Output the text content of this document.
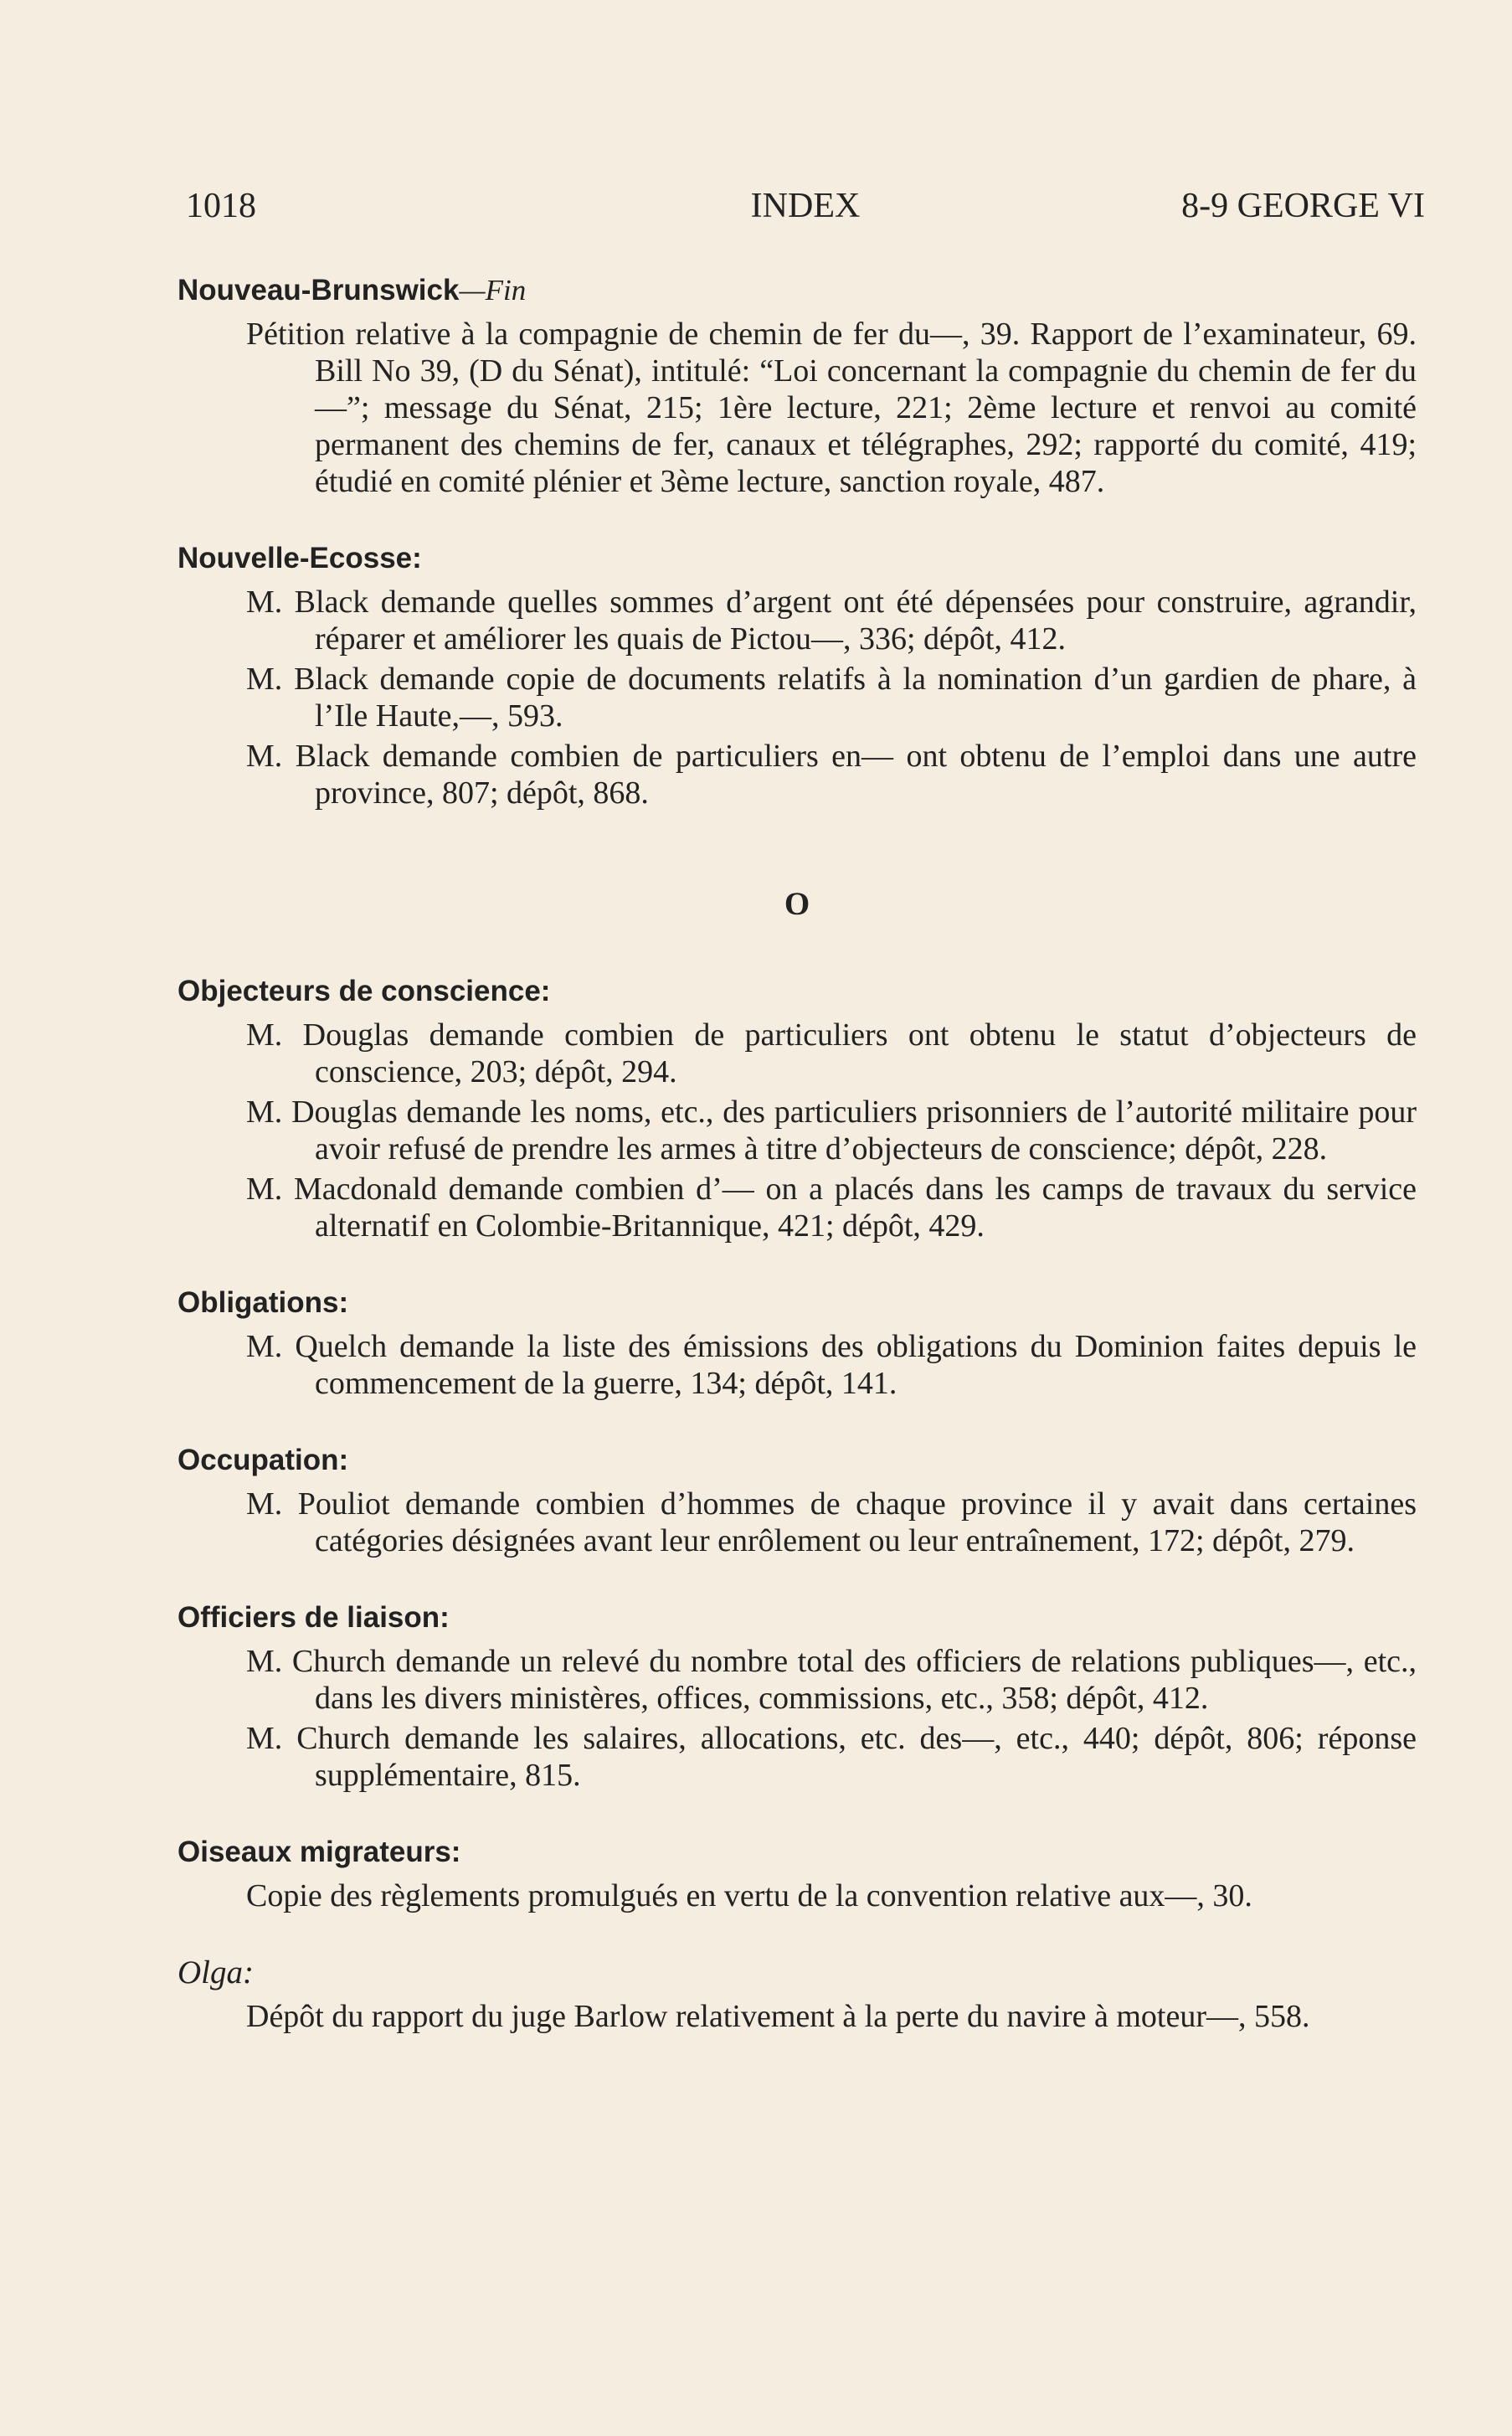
1018	INDEX	8-9 GEORGE VI
Nouveau-Brunswick—Fin

Pétition relative à la compagnie de chemin de fer du—, 39. Rapport de l’examinateur, 69. Bill No 39, (D du Sénat), intitulé: “Loi concernant la compagnie du chemin de fer du—”; message du Sénat, 215; 1ère lecture, 221; 2ème lecture et renvoi au comité permanent des chemins de fer, canaux et télégraphes, 292; rapporté du comité, 419; étudié en comité plénier et 3ème lecture, sanction royale, 487.

Nouvelle-Ecosse:

M. Black demande quelles sommes d’argent ont été dépensées pour construire, agrandir, réparer et améliorer les quais de Pictou—, 336; dépôt, 412.

M. Black demande copie de documents relatifs à la nomination d’un gardien de phare, à l’Ile Haute,—, 593.

M. Black demande combien de particuliers en— ont obtenu de l’emploi dans une autre province, 807; dépôt, 868.

O
Objecteurs de conscience:

M. Douglas demande combien de particuliers ont obtenu le statut d’objecteurs de conscience, 203; dépôt, 294.

M. Douglas demande les noms, etc., des particuliers prisonniers de l’autorité militaire pour avoir refusé de prendre les armes à titre d’objecteurs de conscience; dépôt, 228.

M. Macdonald demande combien d’— on a placés dans les camps de travaux du service alternatif en Colombie-Britannique, 421; dépôt, 429.

Obligations:

M. Quelch demande la liste des émissions des obligations du Dominion faites depuis le commencement de la guerre, 134; dépôt, 141.

Occupation:

M. Pouliot demande combien d’hommes de chaque province il y avait dans certaines catégories désignées avant leur enrôlement ou leur entraînement, 172; dépôt, 279.

Officiers de liaison:

M. Church demande un relevé du nombre total des officiers de relations publiques—, etc., dans les divers ministères, offices, commissions, etc., 358; dépôt, 412.

M. Church demande les salaires, allocations, etc. des—, etc., 440; dépôt, 806; réponse supplémentaire, 815.

Oiseaux migrateurs:

Copie des règlements promulgués en vertu de la convention relative aux—, 30.

Olga:

Dépôt du rapport du juge Barlow relativement à la perte du navire à moteur—, 558.
